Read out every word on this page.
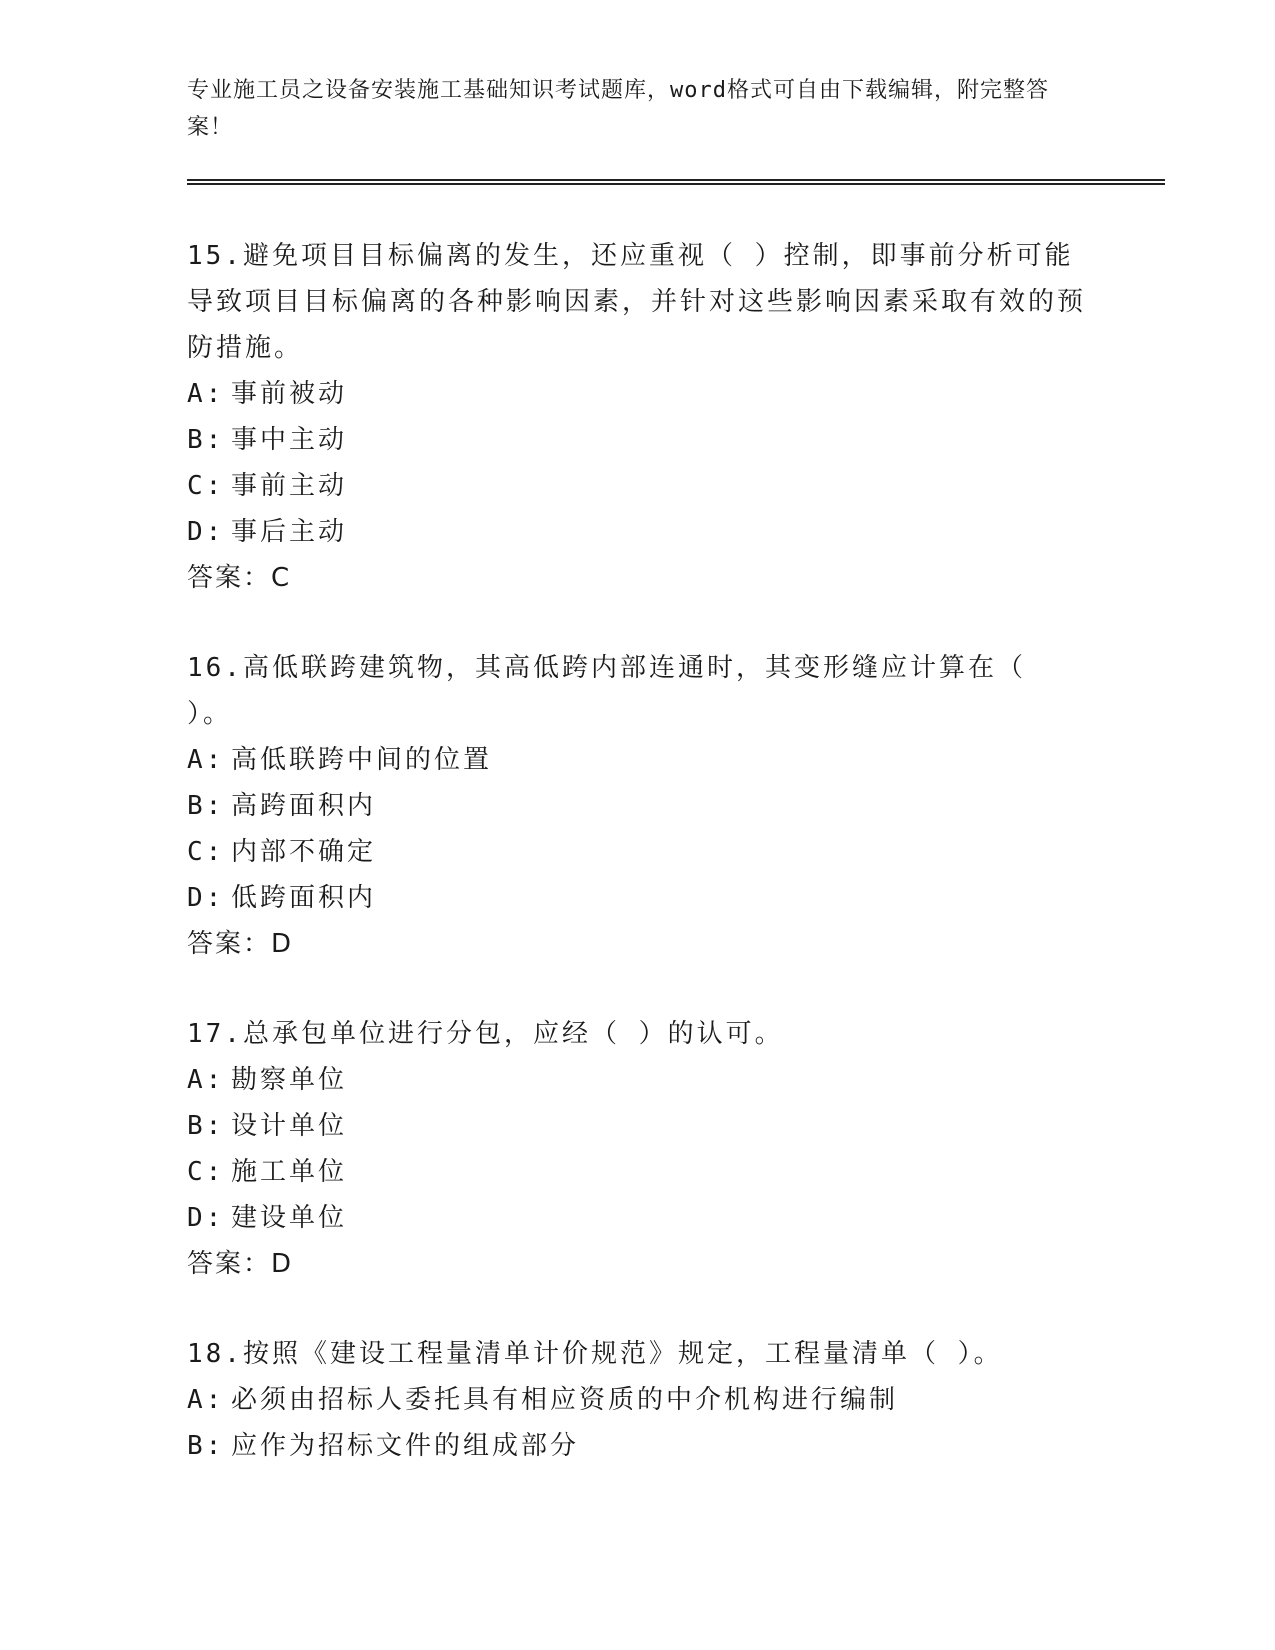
专业施工员之设备安装施工基础知识考试题库，word格式可自由下载编辑，附完整答案！

15.避免项目目标偏离的发生，还应重视（ ）控制，即事前分析可能导致项目目标偏离的各种影响因素，并针对这些影响因素采取有效的预防措施。

A: 事前被动

B: 事中主动

C: 事前主动

D: 事后主动

答案：C

16.高低联跨建筑物，其高低跨内部连通时，其变形缝应计算在（ ）。

A: 高低联跨中间的位置

B: 高跨面积内

C: 内部不确定

D: 低跨面积内

答案：D

17.总承包单位进行分包，应经（ ）的认可。

A: 勘察单位

B: 设计单位

C: 施工单位

D: 建设单位

答案：D

18.按照《建设工程量清单计价规范》规定，工程量清单（ ）。

A: 必须由招标人委托具有相应资质的中介机构进行编制

B: 应作为招标文件的组成部分
